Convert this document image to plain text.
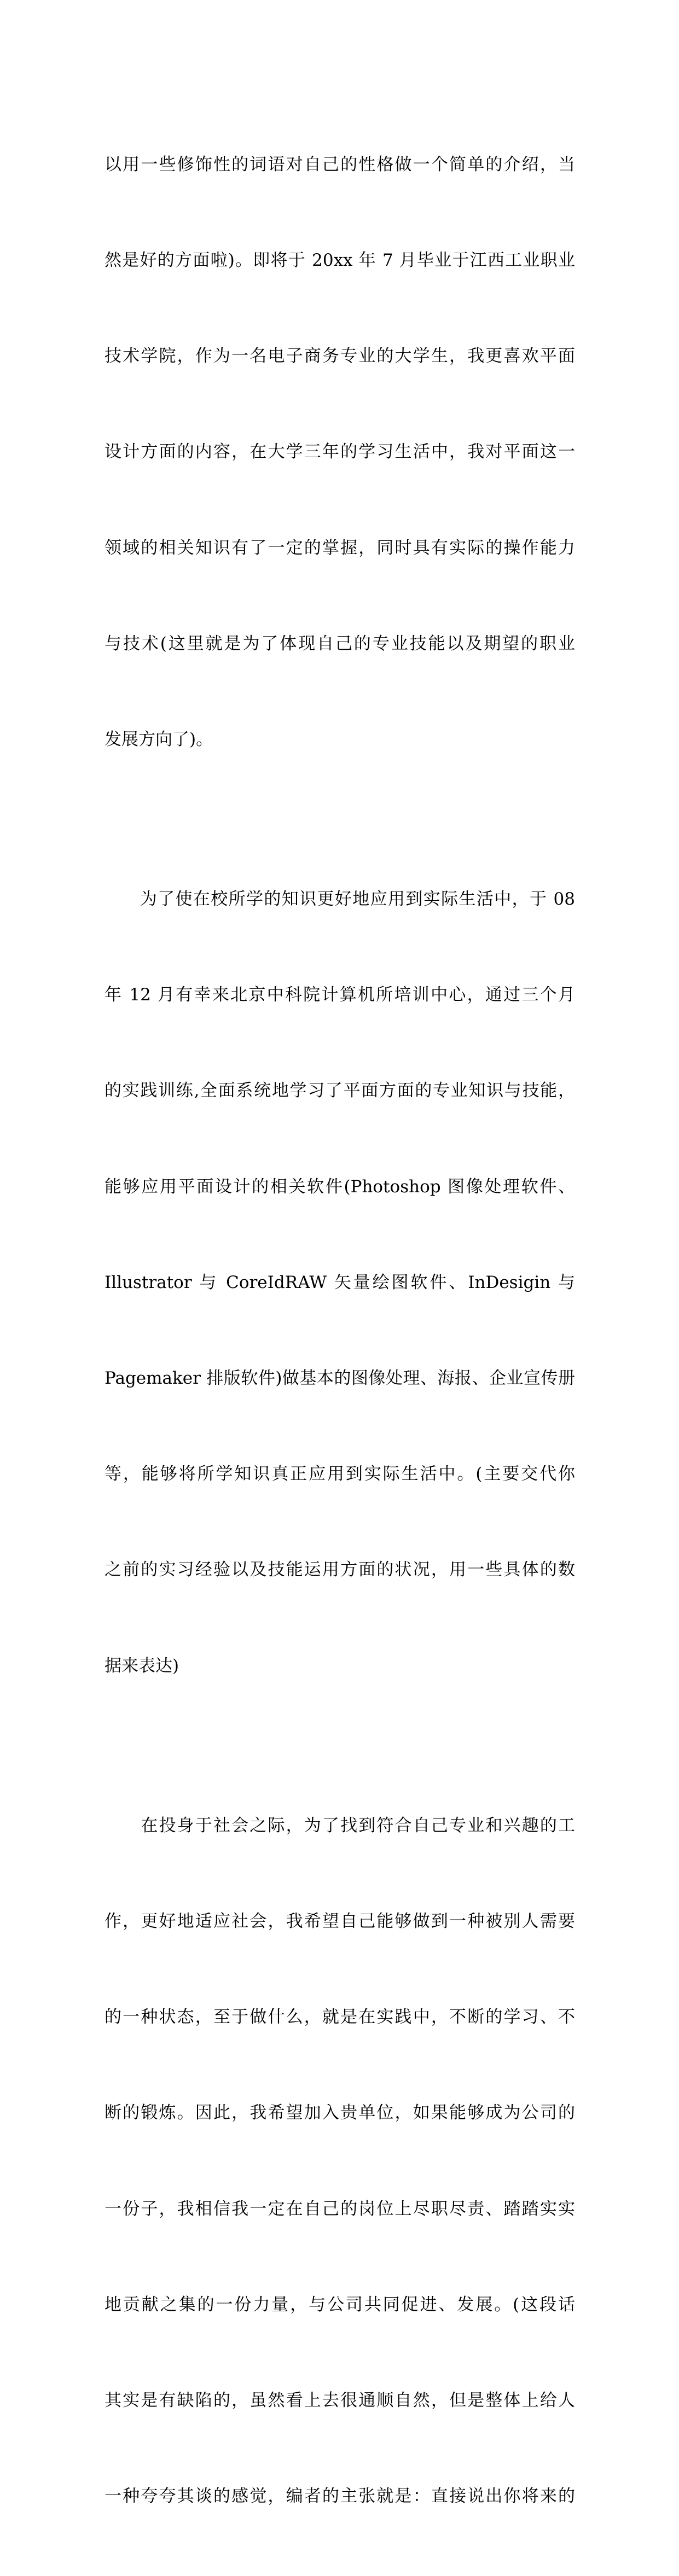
以用一些修饰性的词语对自己的性格做一个简单的介绍，当

然是好的方面啦)。即将于 20xx 年 7 月毕业于江西工业职业

技术学院，作为一名电子商务专业的大学生，我更喜欢平面

设计方面的内容，在大学三年的学习生活中，我对平面这一

领域的相关知识有了一定的掌握，同时具有实际的操作能力

与技术(这里就是为了体现自己的专业技能以及期望的职业

发展方向了)。

　　为了使在校所学的知识更好地应用到实际生活中，于 08

年 12 月有幸来北京中科院计算机所培训中心，通过三个月

的实践训练,全面系统地学习了平面方面的专业知识与技能，

能够应用平面设计的相关软件(Photoshop 图像处理软件、

Illustrator 与 CoreIdRAW 矢量绘图软件、InDesigin 与

Pagemaker 排版软件)做基本的图像处理、海报、企业宣传册

等，能够将所学知识真正应用到实际生活中。(主要交代你

之前的实习经验以及技能运用方面的状况，用一些具体的数

据来表达)

　　在投身于社会之际，为了找到符合自己专业和兴趣的工

作，更好地适应社会，我希望自己能够做到一种被别人需要

的一种状态，至于做什么，就是在实践中，不断的学习、不

断的锻炼。因此，我希望加入贵单位，如果能够成为公司的

一份子，我相信我一定在自己的岗位上尽职尽责、踏踏实实

地贡献之集的一份力量，与公司共同促进、发展。(这段话

其实是有缺陷的，虽然看上去很通顺自然，但是整体上给人

一种夸夸其谈的感觉，编者的主张就是：直接说出你将来的
